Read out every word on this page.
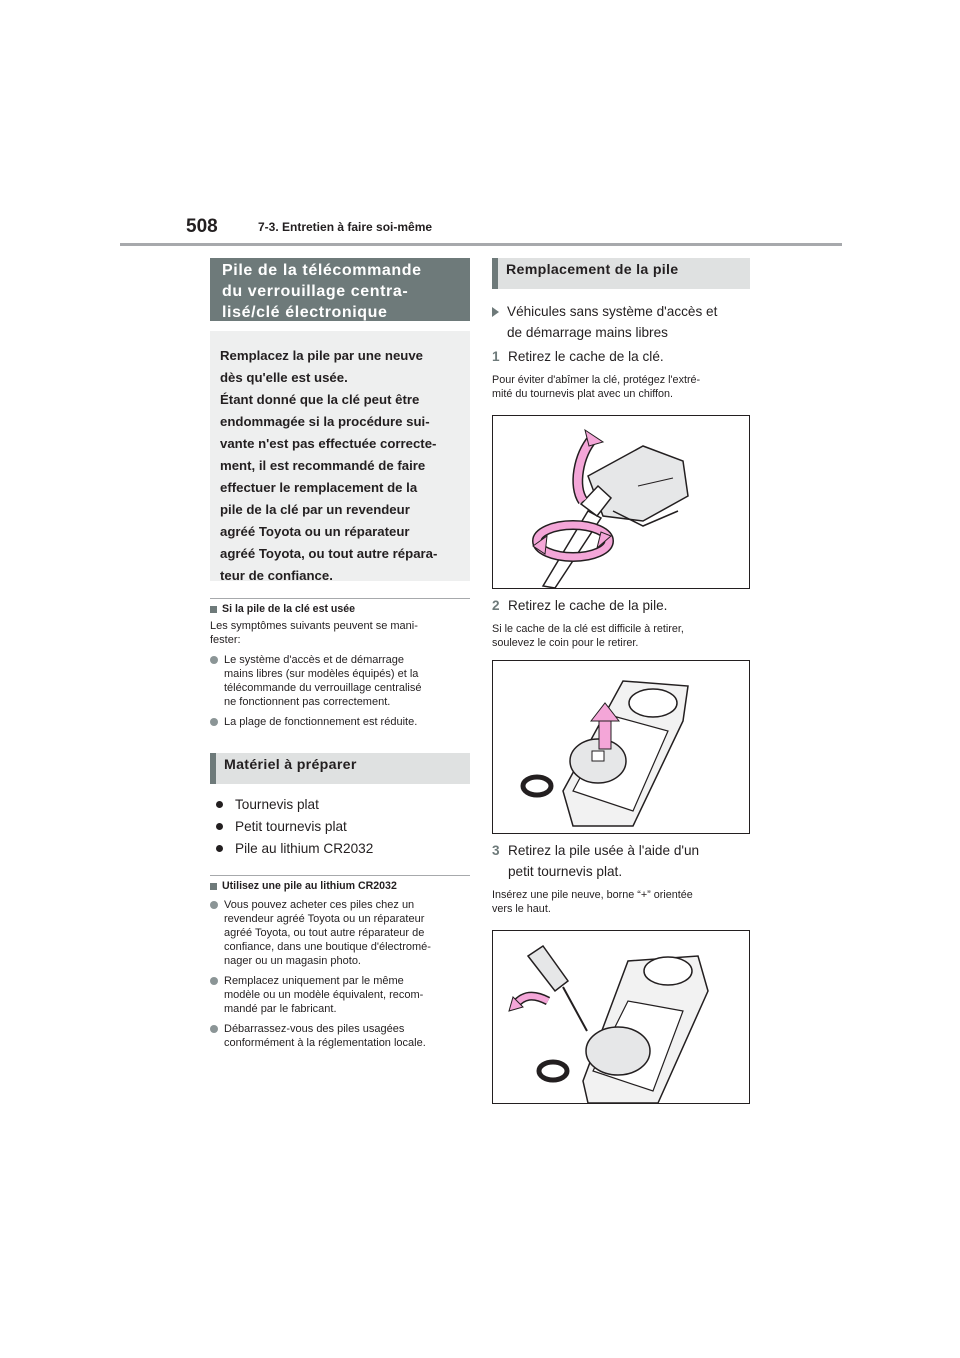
508	7-3. Entretien à faire soi-même
Pile de la télécommande
du verrouillage centra-
lisé/clé électronique

Remplacez la pile par une neuve

dès qu'elle est usée.

Étant donné que la clé peut être

endommagée si la procédure sui-

vante n'est pas effectuée correcte-

ment, il est recommandé de faire

effectuer le remplacement de la

pile de la clé par un revendeur

agréé Toyota ou un réparateur

agréé Toyota, ou tout autre répara-

teur de confiance.

Si la pile de la clé est usée
Les symptômes suivants peuvent se mani-
fester:
Le système d'accès et de démarrage
mains libres (sur modèles équipés) et la
télécommande du verrouillage centralisé
ne fonctionnent pas correctement.
La plage de fonctionnement est réduite.
Matériel à préparer
Tournevis plat
Petit tournevis plat
Pile au lithium CR2032
Utilisez une pile au lithium CR2032
Vous pouvez acheter ces piles chez un
revendeur agréé Toyota ou un réparateur
agréé Toyota, ou tout autre réparateur de
confiance, dans une boutique d'électromé-
nager ou un magasin photo.
Remplacez uniquement par le même
modèle ou un modèle équivalent, recom-
mandé par le fabricant.
Débarrassez-vous des piles usagées
conformément à la réglementation locale.
Remplacement de la pile
Véhicules sans système d'accès et
de démarrage mains libres
1 Retirez le cache de la clé.
Pour éviter d'abîmer la clé, protégez l'extré-
mité du tournevis plat avec un chiffon.
2 Retirez le cache de la pile.
Si le cache de la clé est difficile à retirer,
soulevez le coin pour le retirer.
3 Retirez la pile usée à l'aide d'un
petit tournevis plat.
Insérez une pile neuve, borne “+” orientée
vers le haut.
